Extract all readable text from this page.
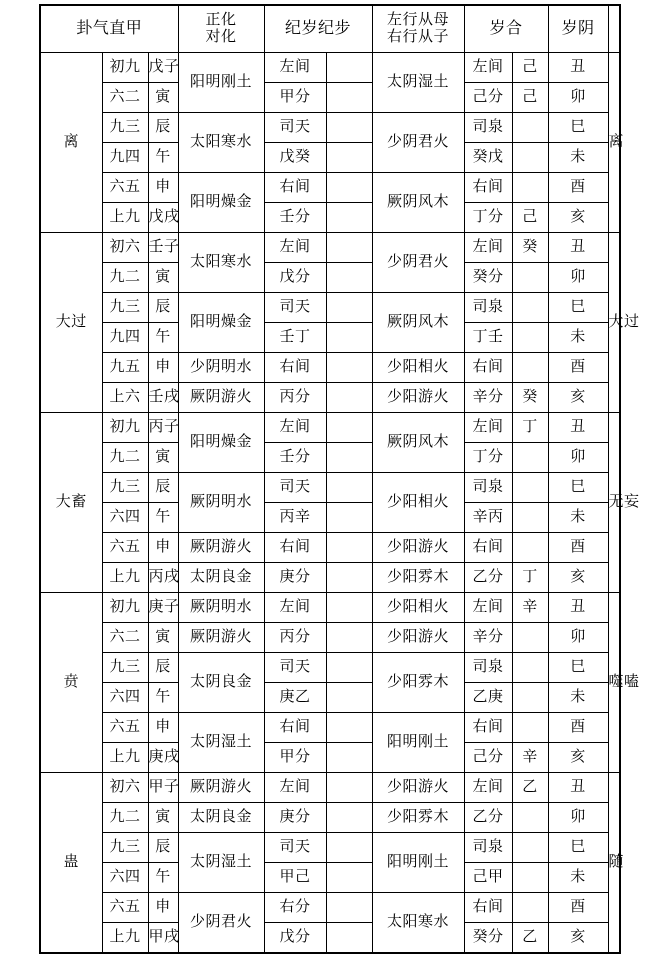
卦气直甲			正化
对化	纪岁纪步		左行从母
右行从子	岁合		岁阴	
离	初九	戊子	阳明刚土	左间		太阴湿土	左间	己	丑	离
	六二	寅		甲分			己分	己	卯	
	九三	辰	太阳寒水	司天		少阴君火	司泉		巳	
	九四	午		戊癸			癸戊		未	
	六五	申	阳明燥金	右间		厥阴风木	右间		酉	
	上九	戊戌		壬分			丁分	己	亥	
大过	初六	壬子	太阳寒水	左间		少阴君火	左间	癸	丑	大过
	九二	寅		戊分			癸分		卯	
	九三	辰	阳明燥金	司天		厥阴风木	司泉		巳	
	九四	午		壬丁			丁壬		未	
	九五	申	少阴明水	右间		少阳相火	右间		酉	
	上六	壬戌	厥阴游火	丙分		少阳游火	辛分	癸	亥	
大畜	初九	丙子	阳明燥金	左间		厥阴风木	左间	丁	丑	无妄
	九二	寅		壬分			丁分		卯	
	九三	辰	厥阴明水	司天		少阳相火	司泉		巳	
	六四	午		丙辛			辛丙		未	
	六五	申	厥阴游火	右间		少阳游火	右间		酉	
	上九	丙戌	太阴良金	庚分		少阳雰木	乙分	丁	亥	
贲	初九	庚子	厥阴明水	左间		少阳相火	左间	辛	丑	噬嗑
	六二	寅	厥阴游火	丙分		少阳游火	辛分		卯	
	九三	辰	太阴良金	司天		少阳雰木	司泉		巳	
	六四	午		庚乙			乙庚		未	
	六五	申	太阴湿土	右间		阳明刚土	右间		酉	
	上九	庚戌		甲分			己分	辛	亥	
蛊	初六	甲子	厥阴游火	左间		少阳游火	左间	乙	丑	随
	九二	寅	太阴良金	庚分		少阳雰木	乙分		卯	
	九三	辰	太阴湿土	司天		阳明刚土	司泉		巳	
	六四	午		甲己			己甲		未	
	六五	申	少阴君火	右分		太阳寒水	右间		酉	
	上九	甲戌		戊分			癸分	乙	亥	
